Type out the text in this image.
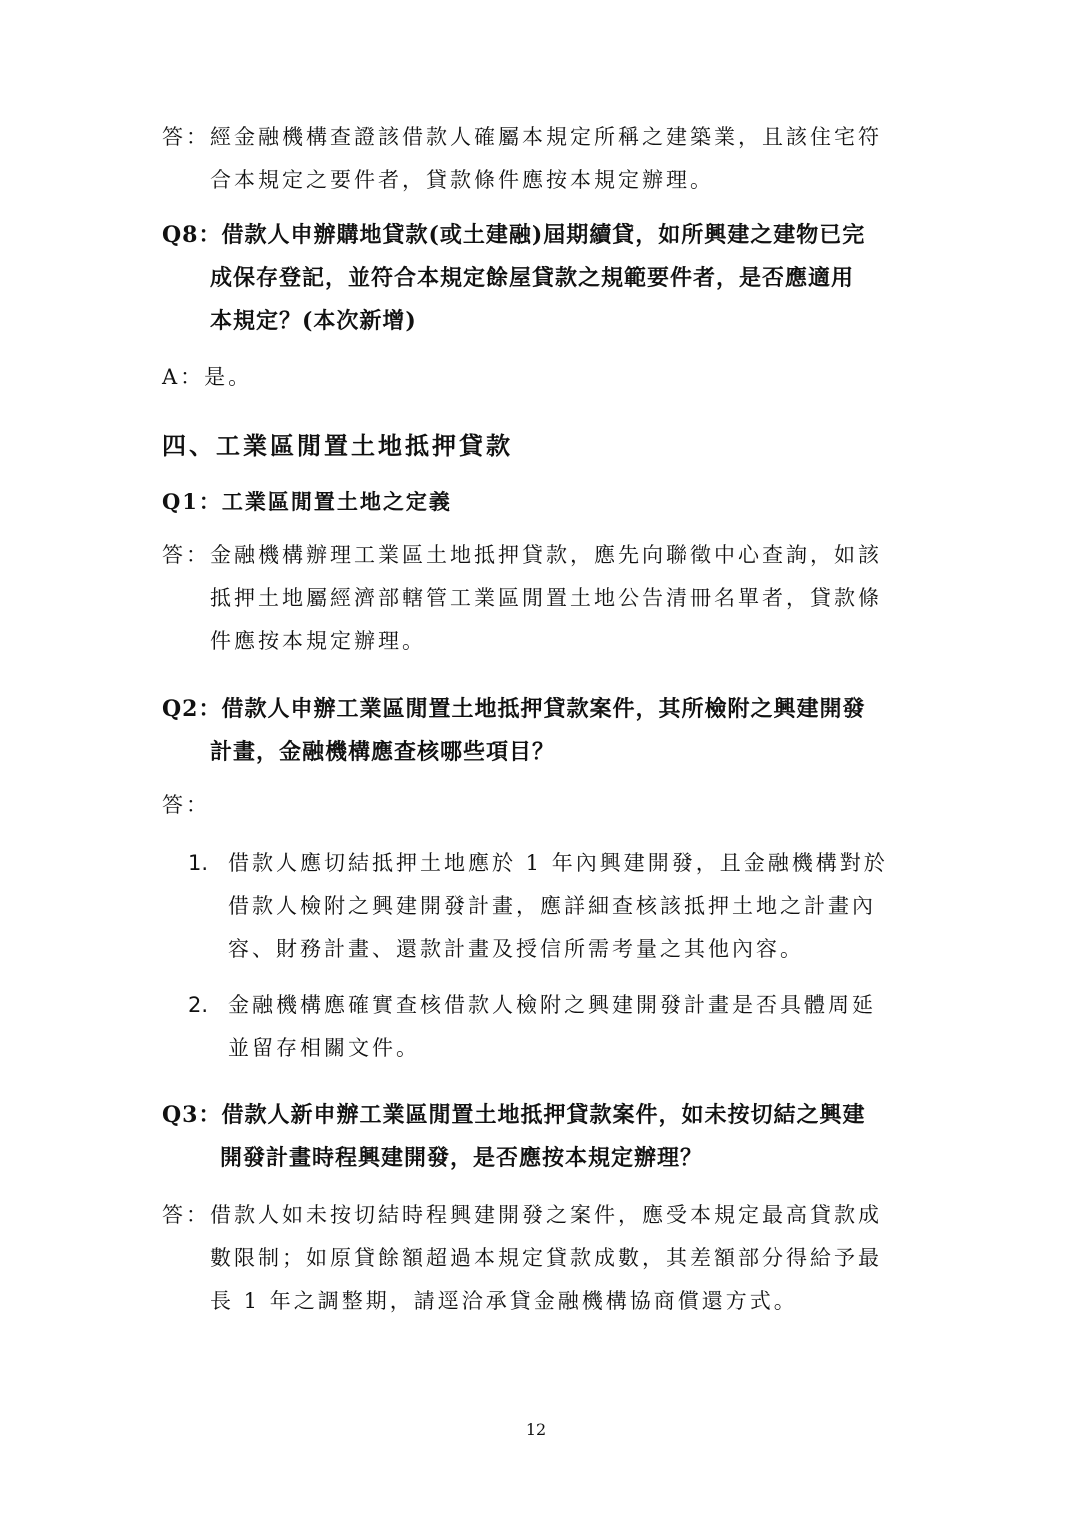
答：經金融機構查證該借款人確屬本規定所稱之建築業，且該住宅符
合本規定之要件者，貸款條件應按本規定辦理。
Q8：借款人申辦購地貸款(或土建融)屆期續貸，如所興建之建物已完
成保存登記，並符合本規定餘屋貸款之規範要件者，是否應適用
本規定？(本次新增)
A：是。
四、工業區閒置土地抵押貸款
Q1：工業區閒置土地之定義
答：金融機構辦理工業區土地抵押貸款，應先向聯徵中心查詢，如該
抵押土地屬經濟部轄管工業區閒置土地公告清冊名單者，貸款條
件應按本規定辦理。
Q2：借款人申辦工業區閒置土地抵押貸款案件，其所檢附之興建開發
計畫，金融機構應查核哪些項目？
答：
1. 借款人應切結抵押土地應於 1 年內興建開發，且金融機構對於
借款人檢附之興建開發計畫，應詳細查核該抵押土地之計畫內
容、財務計畫、還款計畫及授信所需考量之其他內容。
2. 金融機構應確實查核借款人檢附之興建開發計畫是否具體周延
並留存相關文件。
Q3：借款人新申辦工業區閒置土地抵押貸款案件，如未按切結之興建
開發計畫時程興建開發，是否應按本規定辦理？
答：借款人如未按切結時程興建開發之案件，應受本規定最高貸款成
數限制；如原貸餘額超過本規定貸款成數，其差額部分得給予最
長 1 年之調整期，請逕洽承貸金融機構協商償還方式。
12
